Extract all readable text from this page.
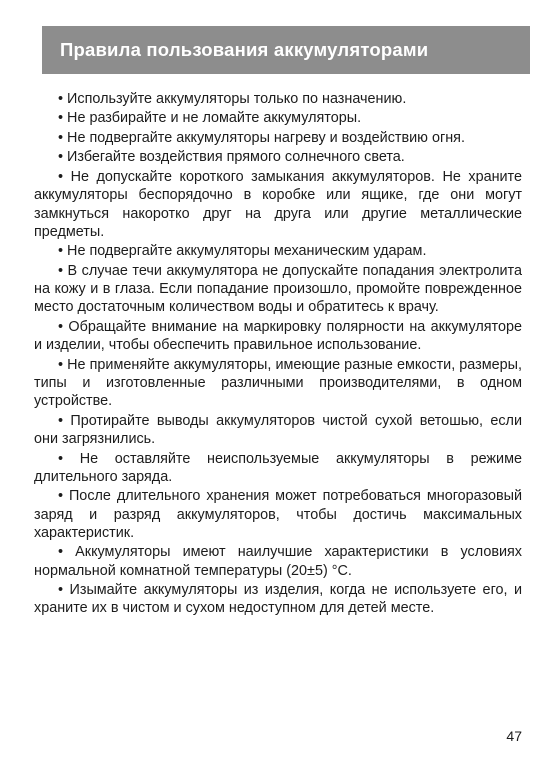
Правила пользования аккумуляторами

• Используйте аккумуляторы только по назначению.

• Не разбирайте и не ломайте аккумуляторы.

• Не подвергайте аккумуляторы нагреву и воздействию огня.

• Избегайте воздействия прямого солнечного света.

• Не допускайте короткого замыкания аккумуляторов. Не храните аккумуляторы беспорядочно в коробке или ящике, где они могут замкнуться накоротко друг на друга или другие металлические предметы.

• Не подвергайте аккумуляторы механическим ударам.

• В случае течи аккумулятора не допускайте попадания электролита на кожу и в глаза. Если попадание произошло, промойте поврежденное место достаточным количеством воды и обратитесь к врачу.

• Обращайте внимание на маркировку полярности на аккумуляторе и изделии, чтобы обеспечить правильное использование.

• Не применяйте аккумуляторы, имеющие разные емкости, размеры, типы и изготовленные различными производителями, в одном устройстве.

• Протирайте выводы аккумуляторов чистой сухой ветошью, если они загрязнились.

• Не оставляйте неиспользуемые аккумуляторы в режиме длительного заряда.

• После длительного хранения может потребоваться многоразовый заряд и разряд аккумуляторов, чтобы достичь максимальных характеристик.

• Аккумуляторы имеют наилучшие характеристики в условиях нормальной комнатной температуры (20±5) °С.

• Изымайте аккумуляторы из изделия, когда не используете его, и храните их в чистом и сухом недоступном для детей месте.

47
